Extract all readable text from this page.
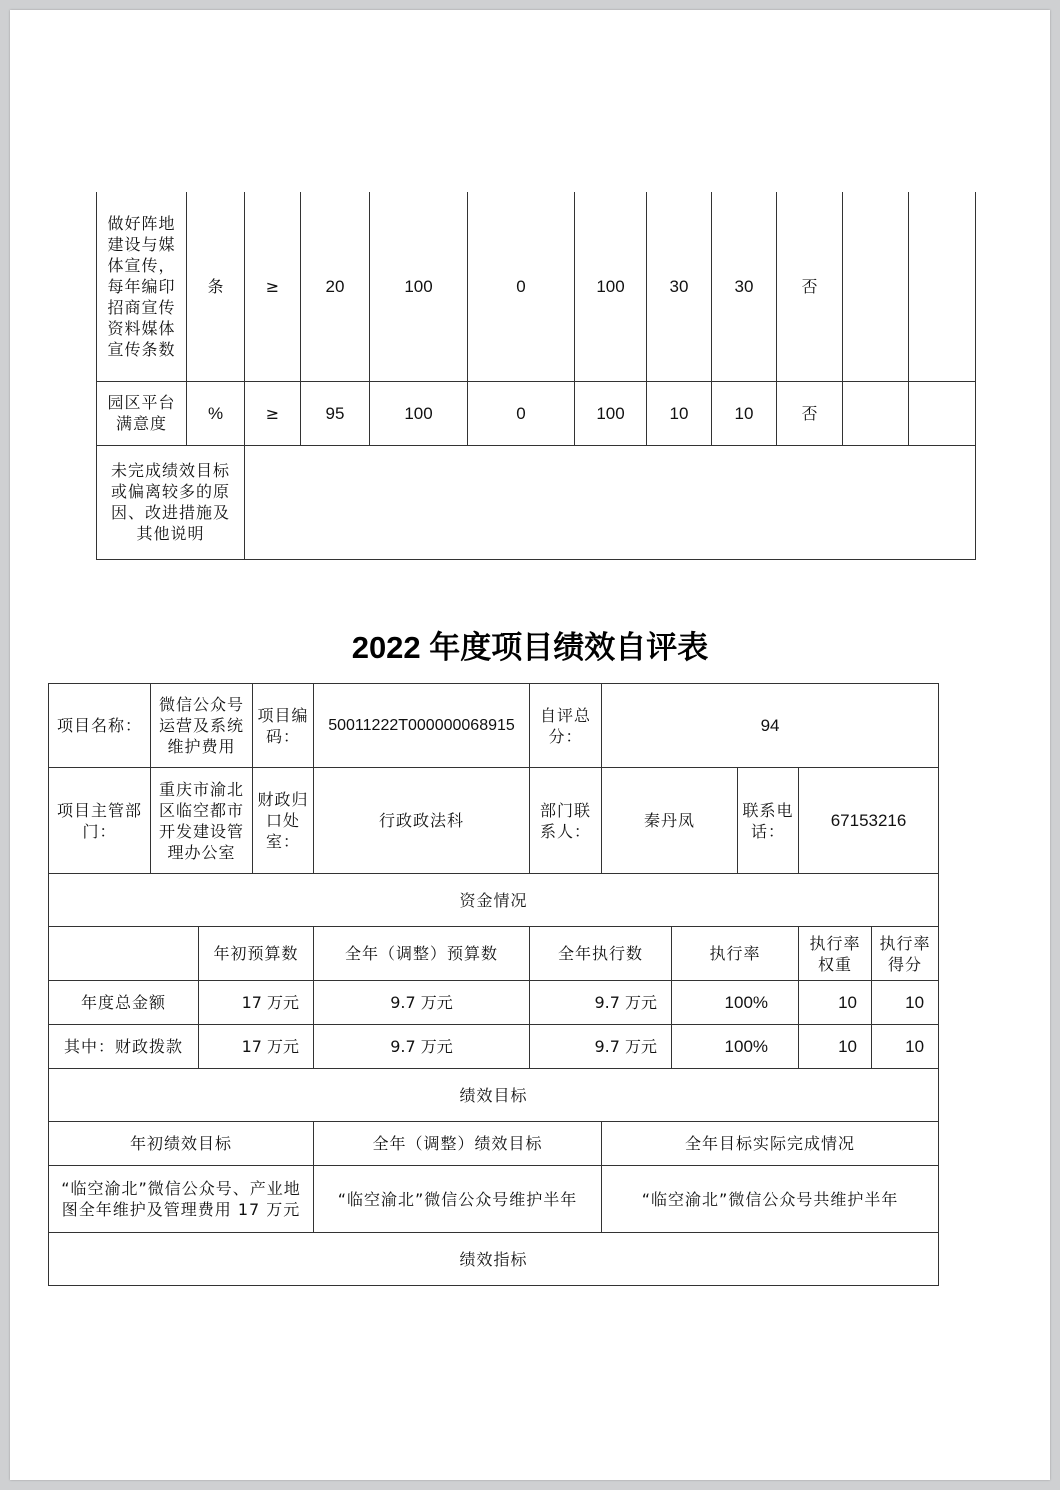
做好阵地建设与媒体宣传，每年编印招商宣传资料媒体宣传条数	条	≥	20	100	0	100	30	30	否		
园区平台满意度	%	≥	95	100	0	100	10	10	否		
未完成绩效目标或偏离较多的原因、改进措施及其他说明											
2022 年度项目绩效自评表
项目名称：	微信公众号运营及系统维护费用		项目编码：	50011222T000000068915	自评总分：	94				
项目主管部门：	重庆市渝北区临空都市开发建设管理办公室		财政归口处室：	行政政法科	部门联系人：	秦丹凤		联系电话：	67153216	
资金情况										
		年初预算数		全年（调整）预算数	全年执行数		执行率		执行率权重	执行率得分
年度总金额		17 万元		9.7 万元	9.7 万元		100%		10	10
其中：财政拨款		17 万元		9.7 万元	9.7 万元		100%		10	10
绩效目标										
年初绩效目标				全年（调整）绩效目标		全年目标实际完成情况				
“临空渝北”微信公众号、产业地图全年维护及管理费用 17 万元				“临空渝北”微信公众号维护半年		“临空渝北”微信公众号共维护半年				
绩效指标										
